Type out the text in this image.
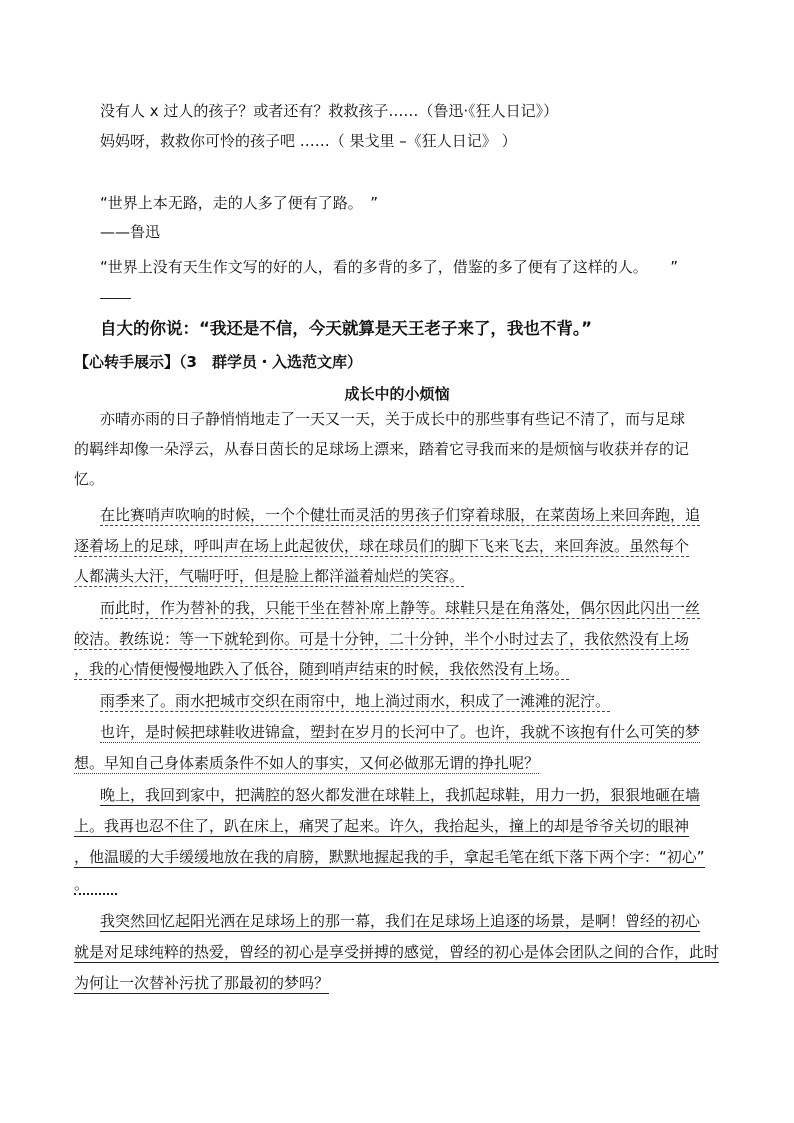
没有人 x 过人的孩子？或者还有？救救孩子……（鲁迅·《狂人日记》）
妈妈呀，救救你可怜的孩子吧 ……（ 果戈里 –《狂人日记》 ）
“世界上本无路，走的人多了便有了路。　”
——鲁迅
“世界上没有天生作文写的好的人，看的多背的多了，借鉴的多了便有了这样的人。　　”
自大的你说：“我还是不信，今天就算是天王老子来了，我也不背。”
【心转手展示】（3　群学员・入选范文库）
成长中的小烦恼
亦晴亦雨的日子静悄悄地走了一天又一天，关于成长中的那些事有些记不清了，而与足球
的羁绊却像一朵浮云，从春日茵长的足球场上漂来，踏着它寻我而来的是烦恼与收获并存的记
忆。
在比赛哨声吹响的时候，一个个健壮而灵活的男孩子们穿着球服，在菜茵场上来回奔跑，追
逐着场上的足球，呼叫声在场上此起彼伏，球在球员们的脚下飞来飞去，来回奔波。虽然每个
人都满头大汗，气喘吁吁，但是脸上都洋溢着灿烂的笑容。
而此时，作为替补的我，只能干坐在替补席上静等。球鞋只是在角落处，偶尔因此闪出一丝
皎洁。教练说：等一下就轮到你。可是十分钟，二十分钟，半个小时过去了，我依然没有上场
，我的心情便慢慢地跌入了低谷，随到哨声结束的时候，我依然没有上场。
雨季来了。雨水把城市交织在雨帘中，地上淌过雨水，积成了一滩滩的泥泞。
也许，是时候把球鞋收进锦盒，塑封在岁月的长河中了。也许，我就不该抱有什么可笑的梦
想。早知自己身体素质条件不如人的事实，又何必做那无谓的挣扎呢？
晚上，我回到家中，把满腔的怒火都发泄在球鞋上，我抓起球鞋，用力一扔，狠狠地砸在墙
上。我再也忍不住了，趴在床上，痛哭了起来。许久，我抬起头，撞上的却是爷爷关切的眼神
，他温暖的大手缓缓地放在我的肩膀，默默地握起我的手，拿起毛笔在纸下落下两个字：“初心”
。
我突然回忆起阳光洒在足球场上的那一幕，我们在足球场上追逐的场景，是啊！曾经的初心
就是对足球纯粹的热爱，曾经的初心是享受拼搏的感觉，曾经的初心是体会团队之间的合作，此时
为何让一次替补污扰了那最初的梦吗？
